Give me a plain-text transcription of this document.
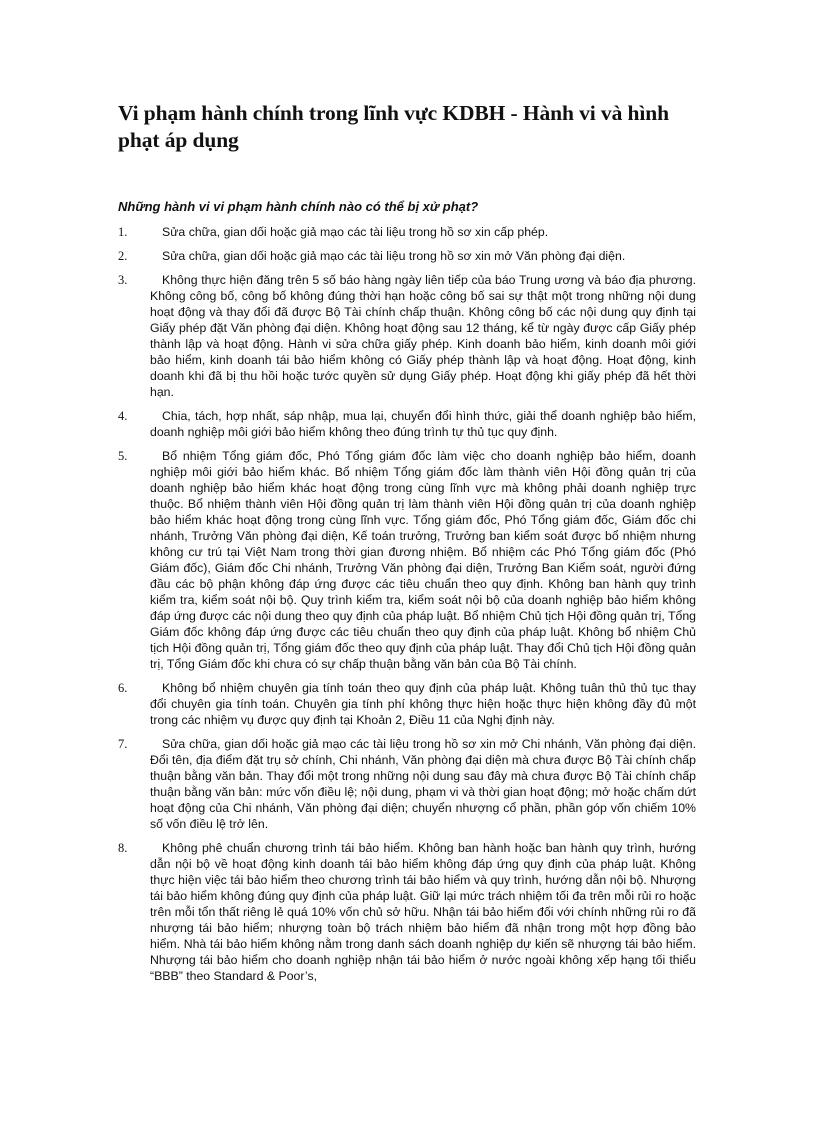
Vi phạm hành chính trong lĩnh vực KDBH - Hành vi và hình phạt áp dụng
Những hành vi vi phạm hành chính nào có thể bị xử phạt?
1.	Sửa chữa, gian dối hoặc giả mạo các tài liệu trong hồ sơ xin cấp phép.
2.	Sửa chữa, gian dối hoặc giả mạo các tài liệu trong hồ sơ xin mở Văn phòng đại diện.
3.	Không thực hiện đăng trên 5 số báo hàng ngày liên tiếp của báo Trung ương và báo địa phương. Không công bố, công bố không đúng thời hạn hoặc công bố sai sự thật một trong những nội dung hoạt động và thay đổi đã được Bộ Tài chính chấp thuận. Không công bố các nội dung quy định tại Giấy phép đặt Văn phòng đại diện. Không hoạt động sau 12 tháng, kể từ ngày được cấp Giấy phép thành lập và hoạt động. Hành vi sửa chữa giấy phép. Kinh doanh bảo hiểm, kinh doanh môi giới bảo hiểm, kinh doanh tái bảo hiểm không có Giấy phép thành lập và hoạt động. Hoạt động, kinh doanh khi đã bị thu hồi hoặc tước quyền sử dụng Giấy phép. Hoạt động khi giấy phép đã hết thời hạn.
4.	Chia, tách, hợp nhất, sáp nhập, mua lại, chuyển đổi hình thức, giải thể doanh nghiệp bảo hiểm, doanh nghiệp môi giới bảo hiểm không theo đúng trình tự thủ tục quy định.
5.	Bổ nhiệm Tổng giám đốc, Phó Tổng giám đốc làm việc cho doanh nghiệp bảo hiểm, doanh nghiệp môi giới bảo hiểm khác. Bổ nhiệm Tổng giám đốc làm thành viên Hội đồng quản trị của doanh nghiệp bảo hiểm khác hoạt động trong cùng lĩnh vực mà không phải doanh nghiệp trực thuộc. Bổ nhiệm thành viên Hội đồng quản trị làm thành viên Hội đồng quản trị của doanh nghiệp bảo hiểm khác hoạt động trong cùng lĩnh vực. Tổng giám đốc, Phó Tổng giám đốc, Giám đốc chi nhánh, Trưởng Văn phòng đại diện, Kế toán trưởng, Trưởng ban kiểm soát được bổ nhiệm nhưng không cư trú tại Việt Nam trong thời gian đương nhiệm. Bổ nhiệm các Phó Tổng giám đốc (Phó Giám đốc), Giám đốc Chi nhánh, Trưởng Văn phòng đại diện, Trưởng Ban Kiểm soát, người đứng đầu các bộ phận không đáp ứng được các tiêu chuẩn theo quy định. Không ban hành quy trình kiểm tra, kiểm soát nội bộ. Quy trình kiểm tra, kiểm soát nội bộ của doanh nghiệp bảo hiểm không đáp ứng được các nội dung theo quy định của pháp luật. Bổ nhiệm Chủ tịch Hội đồng quản trị, Tổng Giám đốc không đáp ứng được các tiêu chuẩn theo quy định của pháp luật. Không bổ nhiệm Chủ tịch Hội đồng quản trị, Tổng giám đốc theo quy định của pháp luật. Thay đổi Chủ tịch Hội đồng quản trị, Tổng Giám đốc khi chưa có sự chấp thuận bằng văn bản của Bộ Tài chính.
6.	Không bổ nhiệm chuyên gia tính toán theo quy định của pháp luật. Không tuân thủ thủ tục thay đổi chuyên gia tính toán. Chuyên gia tính phí không thực hiện hoặc thực hiện không đầy đủ một trong các nhiệm vụ được quy định tại Khoản 2, Điều 11 của Nghị định này.
7.	Sửa chữa, gian dối hoặc giả mạo các tài liệu trong hồ sơ xin mở Chi nhánh, Văn phòng đại diện. Đổi tên, địa điểm đặt trụ sở chính, Chi nhánh, Văn phòng đại diện mà chưa được Bộ Tài chính chấp thuận bằng văn bản. Thay đổi một trong những nội dung sau đây mà chưa được Bộ Tài chính chấp thuận bằng văn bản: mức vốn điều lệ; nội dung, phạm vi và thời gian hoạt động; mở hoặc chấm dứt hoạt động của Chi nhánh, Văn phòng đại diện; chuyển nhượng cổ phần, phần góp vốn chiếm 10% số vốn điều lệ trở lên.
8.	Không phê chuẩn chương trình tái bảo hiểm. Không ban hành hoặc ban hành quy trình, hướng dẫn nội bộ về hoạt động kinh doanh tái bảo hiểm không đáp ứng quy định của pháp luật. Không thực hiện việc tái bảo hiểm theo chương trình tái bảo hiểm và quy trình, hướng dẫn nội bộ. Nhượng tái bảo hiểm không đúng quy định của pháp luật. Giữ lại mức trách nhiệm tối đa trên mỗi rủi ro hoặc trên mỗi tổn thất riêng lẻ quá 10% vốn chủ sở hữu. Nhận tái bảo hiểm đối với chính những rủi ro đã nhượng tái bảo hiểm; nhượng toàn bộ trách nhiệm bảo hiểm đã nhận trong một hợp đồng bảo hiểm. Nhà tái bảo hiểm không nằm trong danh sách doanh nghiệp dự kiến sẽ nhượng tái bảo hiểm. Nhượng tái bảo hiểm cho doanh nghiệp nhận tái bảo hiểm ở nước ngoài không xếp hạng tối thiểu “BBB” theo Standard & Poor’s,
